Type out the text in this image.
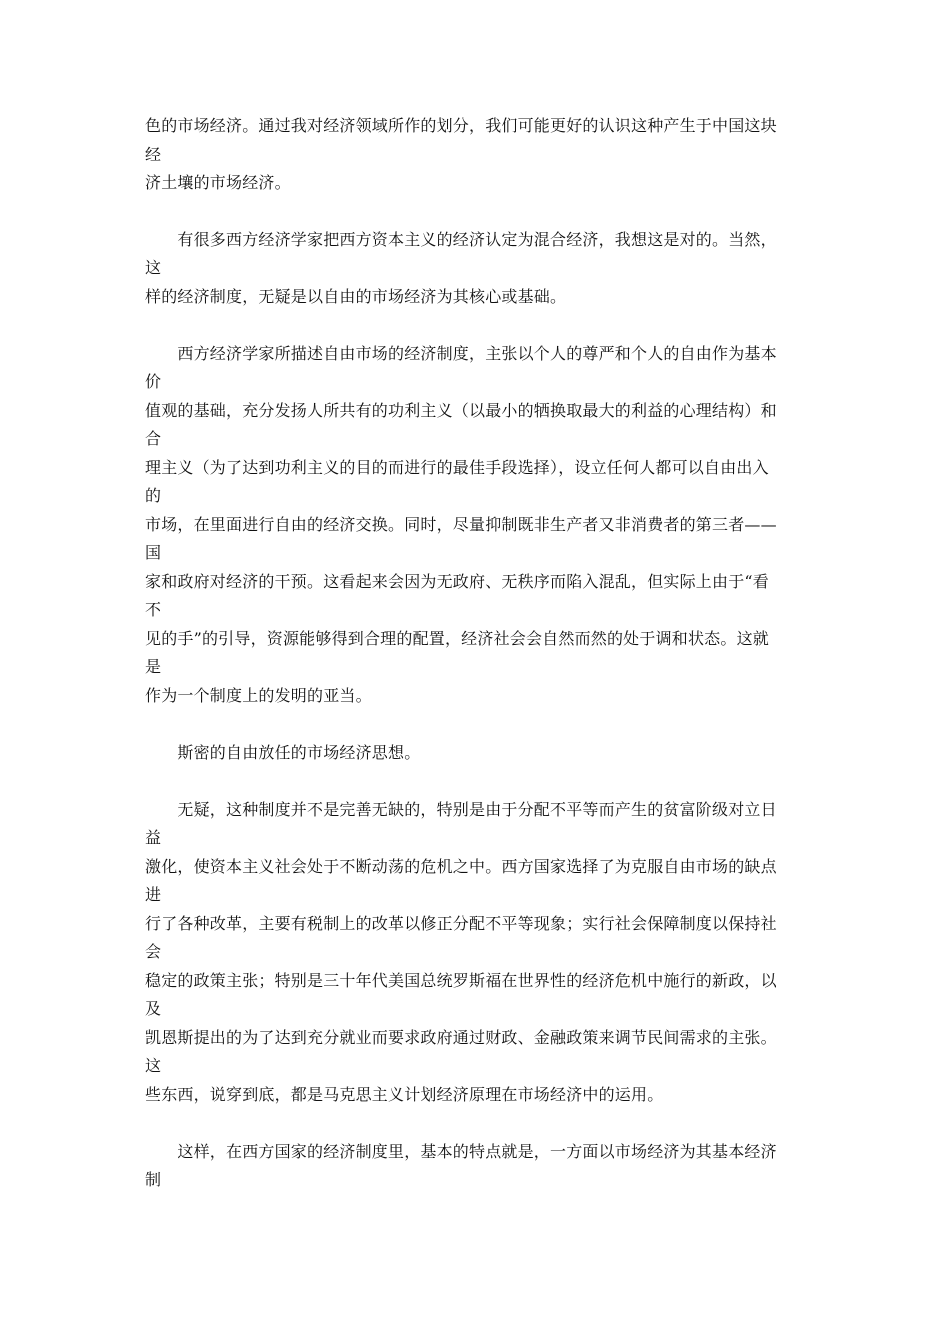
色的市场经济。通过我对经济领域所作的划分，我们可能更好的认识这种产生于中国这块
经
济土壤的市场经济。
　　有很多西方经济学家把西方资本主义的经济认定为混合经济，我想这是对的。当然，
这
样的经济制度，无疑是以自由的市场经济为其核心或基础。
　　西方经济学家所描述自由市场的经济制度，主张以个人的尊严和个人的自由作为基本
价
值观的基础，充分发扬人所共有的功利主义（以最小的牺换取最大的利益的心理结构）和
合
理主义（为了达到功利主义的目的而进行的最佳手段选择），设立任何人都可以自由出入
的
市场，在里面进行自由的经济交换。同时，尽量抑制既非生产者又非消费者的第三者——
国
家和政府对经济的干预。这看起来会因为无政府、无秩序而陷入混乱，但实际上由于“看
不
见的手”的引导，资源能够得到合理的配置，经济社会会自然而然的处于调和状态。这就
是
作为一个制度上的发明的亚当。
　　斯密的自由放任的市场经济思想。
　　无疑，这种制度并不是完善无缺的，特别是由于分配不平等而产生的贫富阶级对立日
益
激化，使资本主义社会处于不断动荡的危机之中。西方国家选择了为克服自由市场的缺点
进
行了各种改革，主要有税制上的改革以修正分配不平等现象；实行社会保障制度以保持社
会
稳定的政策主张；特别是三十年代美国总统罗斯福在世界性的经济危机中施行的新政，以
及
凯恩斯提出的为了达到充分就业而要求政府通过财政、金融政策来调节民间需求的主张。
这
些东西，说穿到底，都是马克思主义计划经济原理在市场经济中的运用。
　　这样，在西方国家的经济制度里，基本的特点就是，一方面以市场经济为其基本经济
制
